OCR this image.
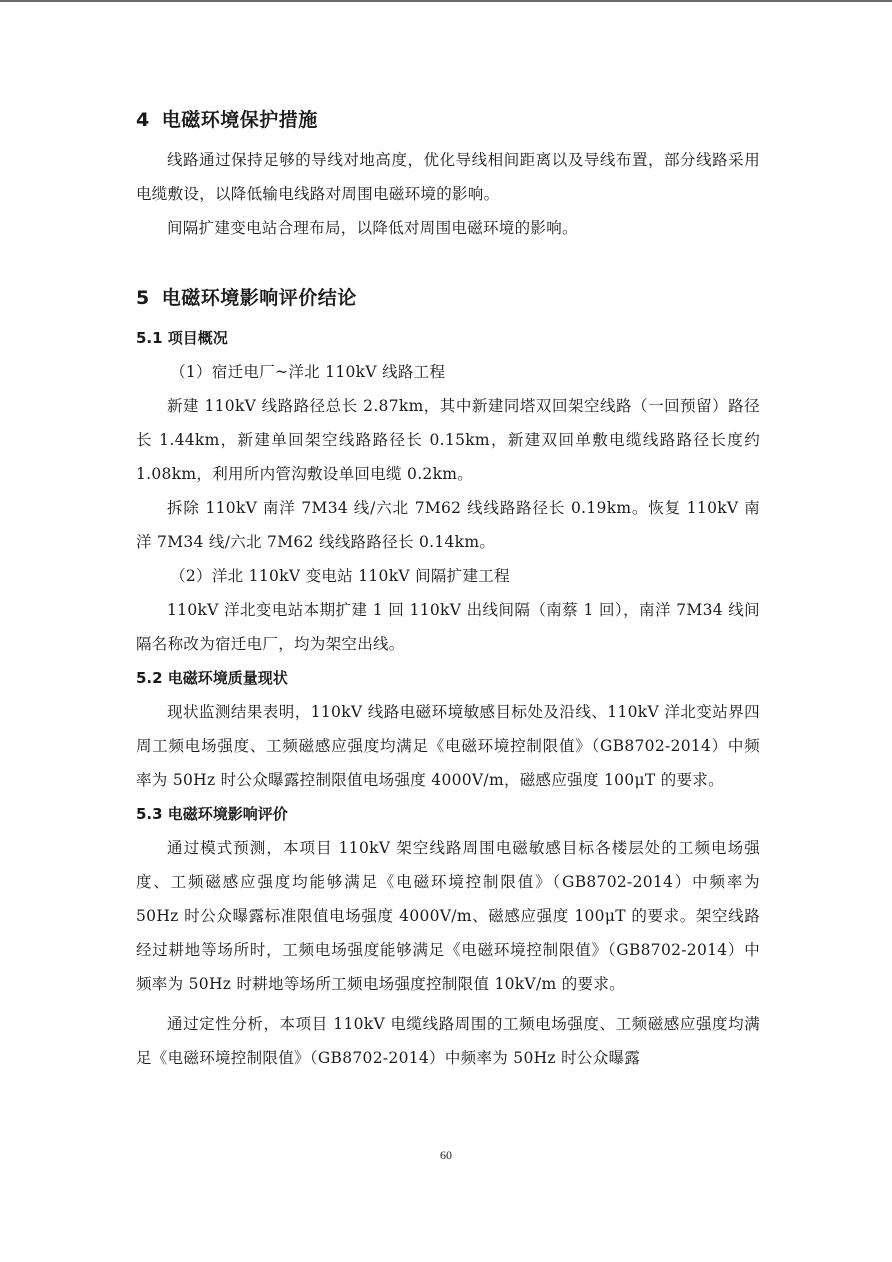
4 电磁环境保护措施

线路通过保持足够的导线对地高度，优化导线相间距离以及导线布置，部分线路采用电缆敷设，以降低输电线路对周围电磁环境的影响。

间隔扩建变电站合理布局，以降低对周围电磁环境的影响。

5 电磁环境影响评价结论
5.1 项目概况

（1）宿迁电厂~洋北 110kV 线路工程

新建 110kV 线路路径总长 2.87km，其中新建同塔双回架空线路（一回预留）路径长 1.44km，新建单回架空线路路径长 0.15km，新建双回单敷电缆线路路径长度约 1.08km，利用所内管沟敷设单回电缆 0.2km。

拆除 110kV 南洋 7M34 线/六北 7M62 线线路路径长 0.19km。恢复 110kV 南洋 7M34 线/六北 7M62 线线路路径长 0.14km。

（2）洋北 110kV 变电站 110kV 间隔扩建工程

110kV 洋北变电站本期扩建 1 回 110kV 出线间隔（南蔡 1 回），南洋 7M34 线间隔名称改为宿迁电厂，均为架空出线。

5.2 电磁环境质量现状

现状监测结果表明，110kV 线路电磁环境敏感目标处及沿线、110kV 洋北变站界四周工频电场强度、工频磁感应强度均满足《电磁环境控制限值》（GB8702-2014）中频率为 50Hz 时公众曝露控制限值电场强度 4000V/m，磁感应强度 100μT 的要求。

5.3 电磁环境影响评价

通过模式预测，本项目 110kV 架空线路周围电磁敏感目标各楼层处的工频电场强度、工频磁感应强度均能够满足《电磁环境控制限值》（GB8702-2014）中频率为 50Hz 时公众曝露标准限值电场强度 4000V/m、磁感应强度 100μT 的要求。架空线路经过耕地等场所时，工频电场强度能够满足《电磁环境控制限值》（GB8702-2014）中频率为 50Hz 时耕地等场所工频电场强度控制限值 10kV/m 的要求。

通过定性分析，本项目 110kV 电缆线路周围的工频电场强度、工频磁感应强度均满足《电磁环境控制限值》（GB8702-2014）中频率为 50Hz 时公众曝露

60
